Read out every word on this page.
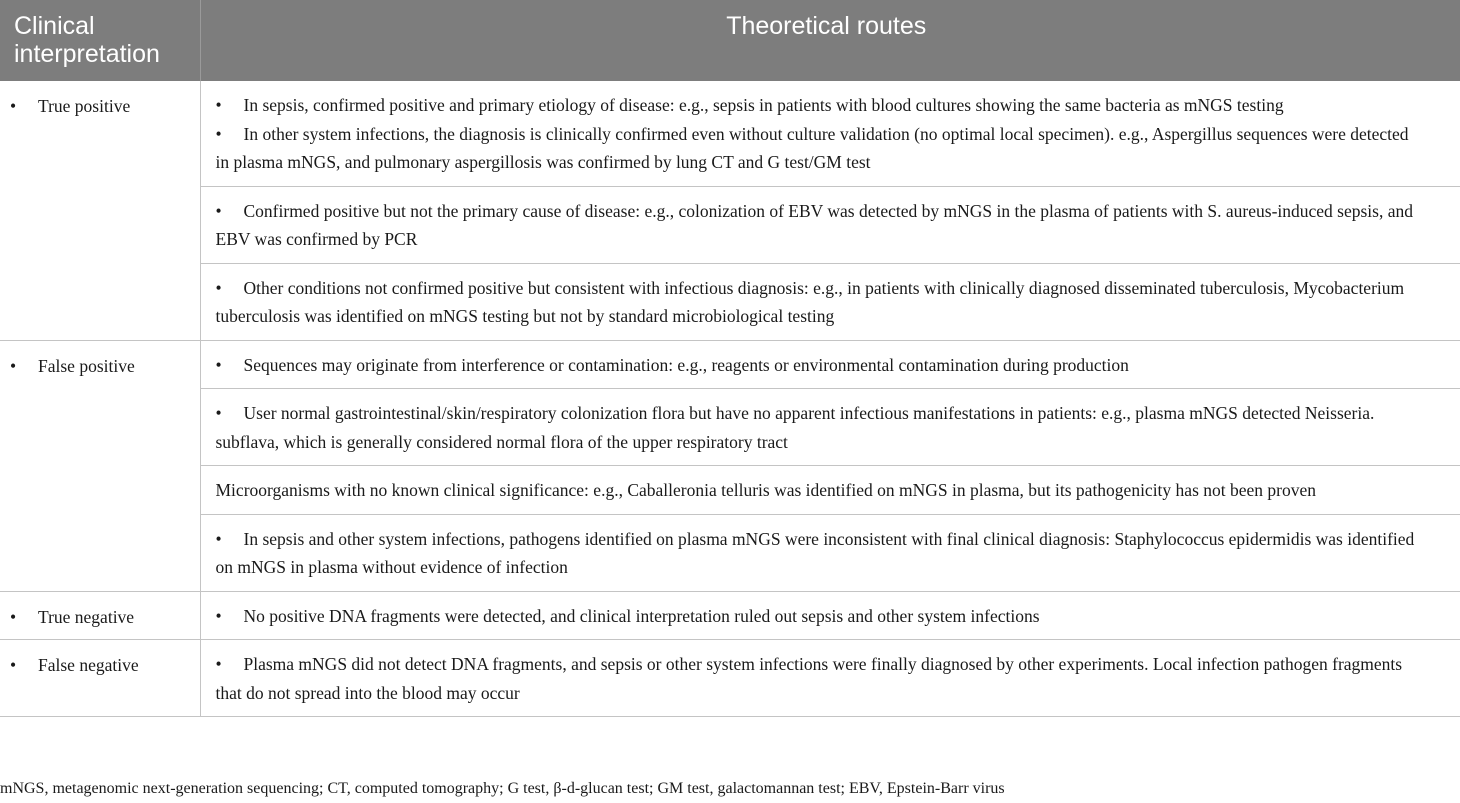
Clinical interpretation	Theoretical routes
• True positive	• In sepsis, confirmed positive and primary etiology of disease: e.g., sepsis in patients with blood cultures showing the same bacteria as mNGS testing
• In other system infections, the diagnosis is clinically confirmed even without culture validation (no optimal local specimen). e.g., Aspergillus sequences were detected in plasma mNGS, and pulmonary aspergillosis was confirmed by lung CT and G test/GM test

	• Confirmed positive but not the primary cause of disease: e.g., colonization of EBV was detected by mNGS in the plasma of patients with S. aureus-induced sepsis, and EBV was confirmed by PCR

	• Other conditions not confirmed positive but consistent with infectious diagnosis: e.g., in patients with clinically diagnosed disseminated tuberculosis, Mycobacterium tuberculosis was identified on mNGS testing but not by standard microbiological testing

• False positive	• Sequences may originate from interference or contamination: e.g., reagents or environmental contamination during production

	• User normal gastrointestinal/skin/respiratory colonization flora but have no apparent infectious manifestations in patients: e.g., plasma mNGS detected Neisseria. subflava, which is generally considered normal flora of the upper respiratory tract

	Microorganisms with no known clinical significance: e.g., Caballeronia telluris was identified on mNGS in plasma, but its pathogenicity has not been proven

	• In sepsis and other system infections, pathogens identified on plasma mNGS were inconsistent with final clinical diagnosis: Staphylococcus epidermidis was identified on mNGS in plasma without evidence of infection

• True negative	• No positive DNA fragments were detected, and clinical interpretation ruled out sepsis and other system infections

• False negative	• Plasma mNGS did not detect DNA fragments, and sepsis or other system infections were finally diagnosed by other experiments. Local infection pathogen fragments that do not spread into the blood may occur
mNGS, metagenomic next-generation sequencing; CT, computed tomography; G test, β-d-glucan test; GM test, galactomannan test; EBV, Epstein-Barr virus
